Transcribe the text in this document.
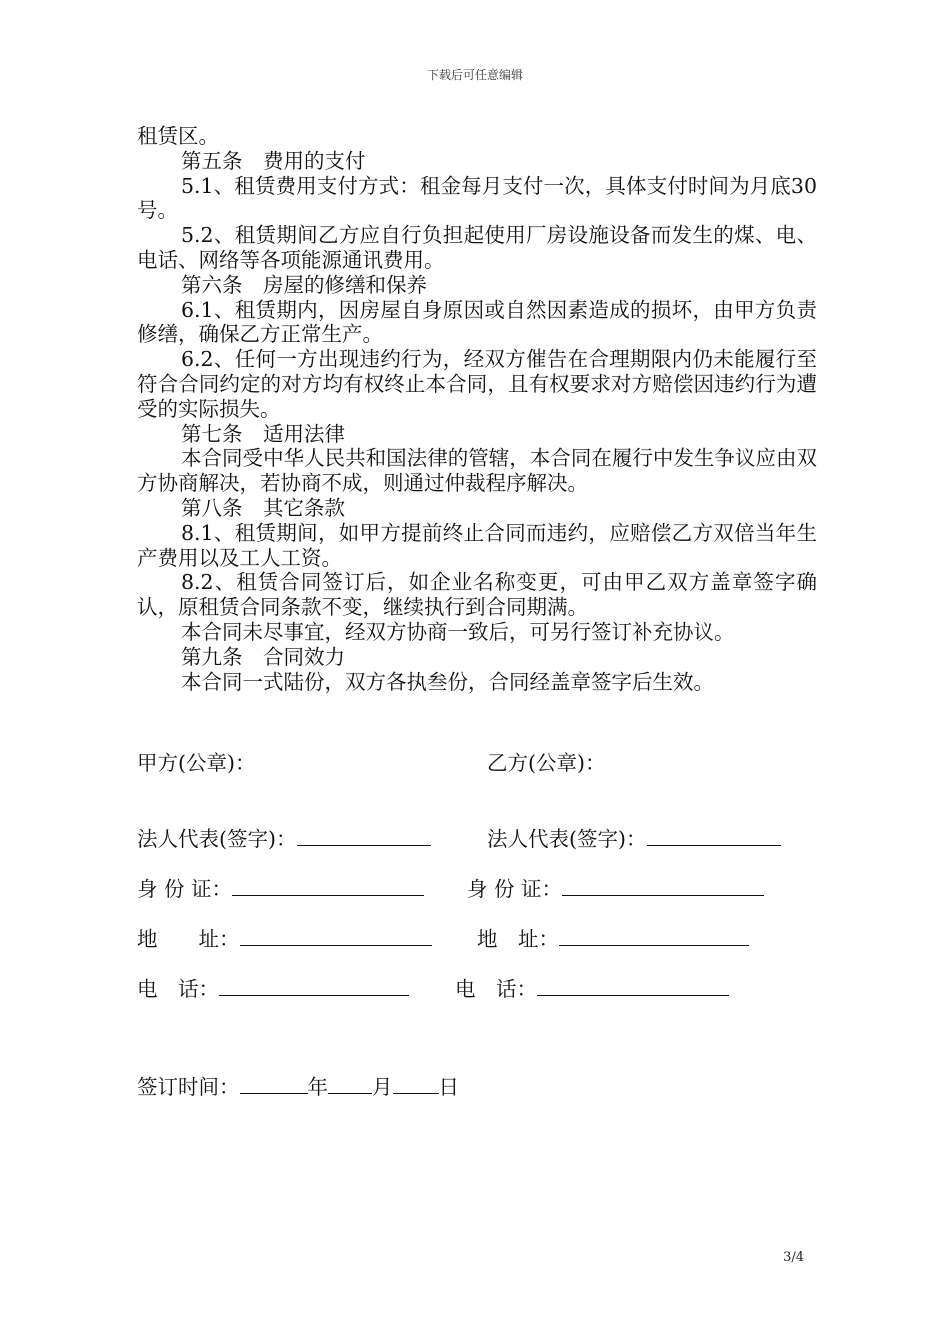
下载后可任意编辑

租赁区。

第五条　费用的支付

5.1、租赁费用支付方式：租金每月支付一次，具体支付时间为月底30号。

5.2、租赁期间乙方应自行负担起使用厂房设施设备而发生的煤、电、电话、网络等各项能源通讯费用。

第六条　房屋的修缮和保养

6.1、租赁期内，因房屋自身原因或自然因素造成的损坏，由甲方负责修缮，确保乙方正常生产。

6.2、任何一方出现违约行为，经双方催告在合理期限内仍未能履行至符合合同约定的对方均有权终止本合同，且有权要求对方赔偿因违约行为遭受的实际损失。

第七条　适用法律

本合同受中华人民共和国法律的管辖，本合同在履行中发生争议应由双方协商解决，若协商不成，则通过仲裁程序解决。

第八条　其它条款

8.1、租赁期间，如甲方提前终止合同而违约，应赔偿乙方双倍当年生产费用以及工人工资。

8.2、租赁合同签订后，如企业名称变更，可由甲乙双方盖章签字确认，原租赁合同条款不变，继续执行到合同期满。

本合同未尽事宜，经双方协商一致后，可另行签订补充协议。

第九条　合同效力

本合同一式陆份，双方各执叁份，合同经盖章签字后生效。

甲方(公章)：	乙方(公章)：
法人代表(签字)：	法人代表(签字)：
身 份 证：	身 份 证：
地　　址：	地　址：
电　话：	电　话：
签订时间：	年 月 日
3/4
